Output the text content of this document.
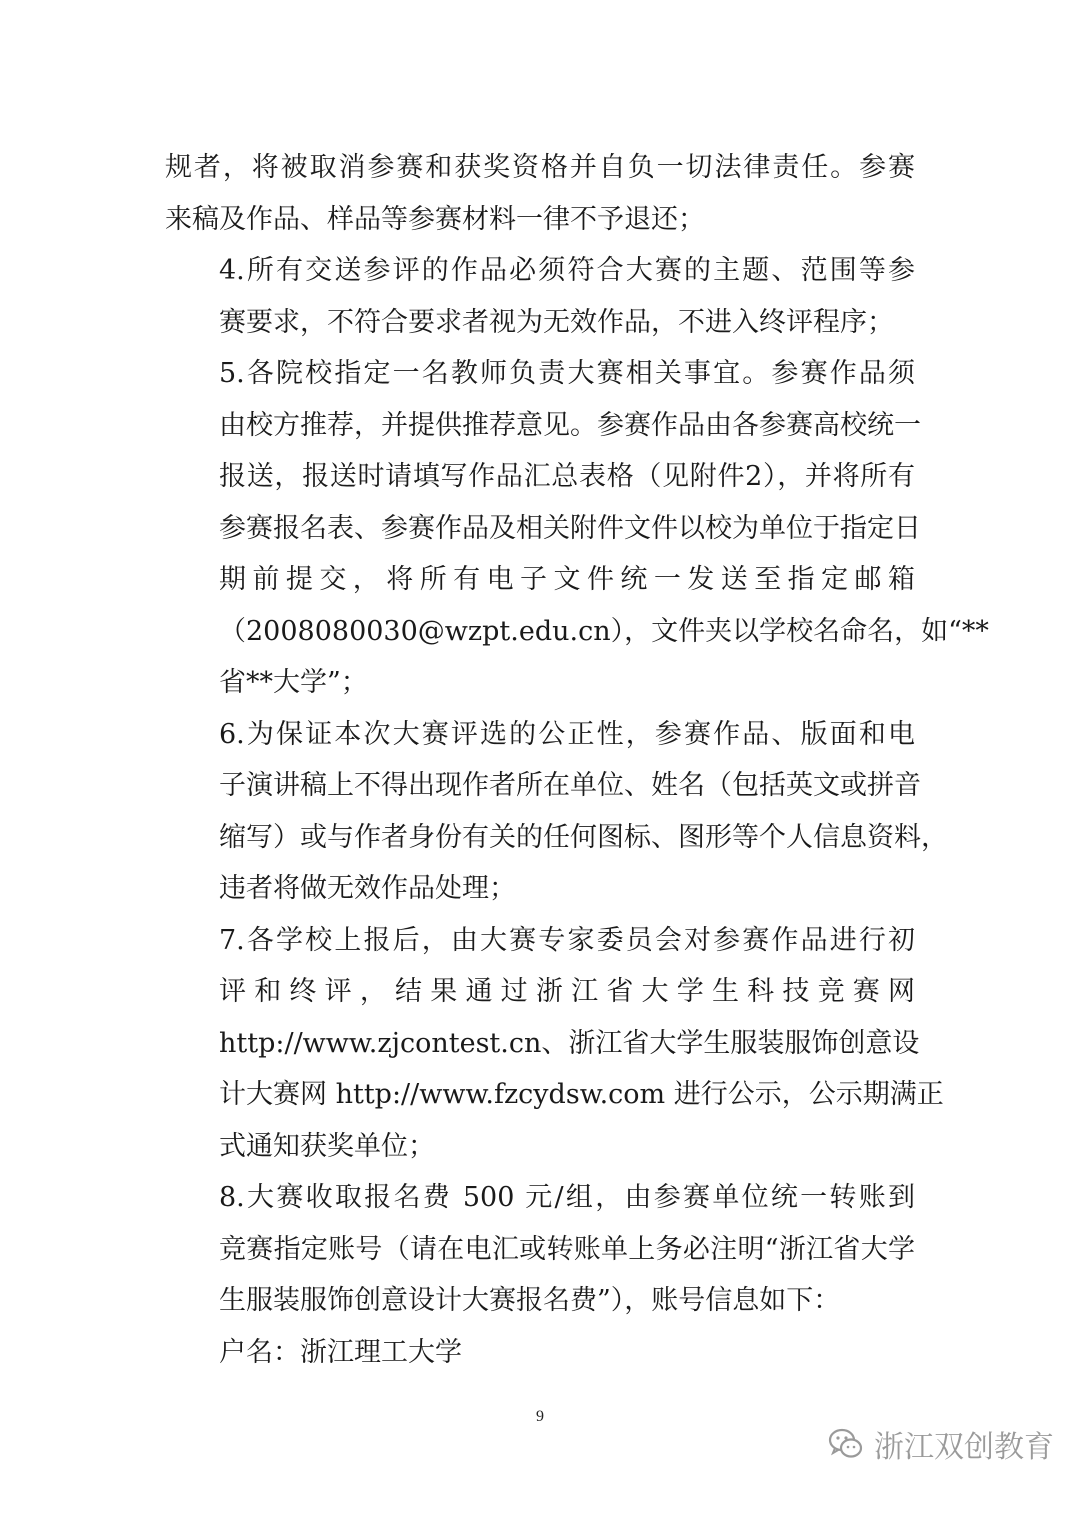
规者，将被取消参赛和获奖资格并自负一切法律责任。参赛
来稿及作品、样品等参赛材料一律不予退还；

4.所有交送参评的作品必须符合大赛的主题、范围等参
赛要求，不符合要求者视为无效作品，不进入终评程序；

5.各院校指定一名教师负责大赛相关事宜。参赛作品须
由校方推荐，并提供推荐意见。参赛作品由各参赛高校统一
报送，报送时请填写作品汇总表格（见附件2），并将所有
参赛报名表、参赛作品及相关附件文件以校为单位于指定日
期前提交，将所有电子文件统一发送至指定邮箱
（2008080030@wzpt.edu.cn），文件夹以学校名命名，如“**
省**大学”；

6.为保证本次大赛评选的公正性，参赛作品、版面和电
子演讲稿上不得出现作者所在单位、姓名（包括英文或拼音
缩写）或与作者身份有关的任何图标、图形等个人信息资料，
违者将做无效作品处理；

7.各学校上报后，由大赛专家委员会对参赛作品进行初
评和终评，结果通过浙江省大学生科技竞赛网
http://www.zjcontest.cn、浙江省大学生服装服饰创意设
计大赛网 http://www.fzcydsw.com 进行公示，公示期满正
式通知获奖单位；

8.大赛收取报名费 500 元/组，由参赛单位统一转账到
竞赛指定账号（请在电汇或转账单上务必注明“浙江省大学
生服装服饰创意设计大赛报名费”），账号信息如下：

户名：浙江理工大学

9
浙江双创教育
